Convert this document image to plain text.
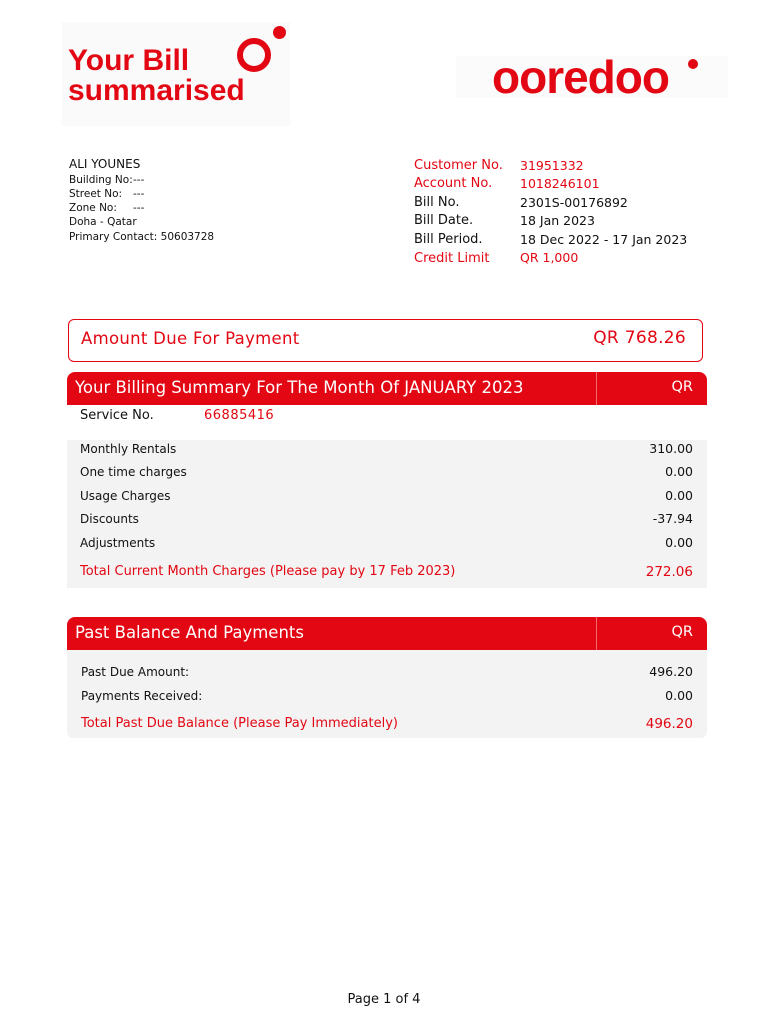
Your Bill
summarised	ooredoo
ALI YOUNES
Building No:---
Street No: ---
Zone No: ---
Doha - Qatar
Primary Contact: 50603728
Customer No. 31951332
Account No. 1018246101
Bill No.	2301S-00176892
Bill Date.	18 Jan 2023
Bill Period.	18 Dec 2022 - 17 Jan 2023
Credit Limit QR 1,000
Amount Due For Payment	QR 768.26
Your Billing Summary For The Month Of JANUARY 2023	QR
Service No.	66885416
Monthly Rentals	310.00
One time charges	0.00
Usage Charges	0.00
Discounts	-37.94
Adjustments	0.00
Total Current Month Charges (Please pay by 17 Feb 2023)	272.06
Past Balance And Payments	QR
Past Due Amount:	496.20
Payments Received:	0.00
Total Past Due Balance (Please Pay Immediately)	496.20
Page 1 of 4
